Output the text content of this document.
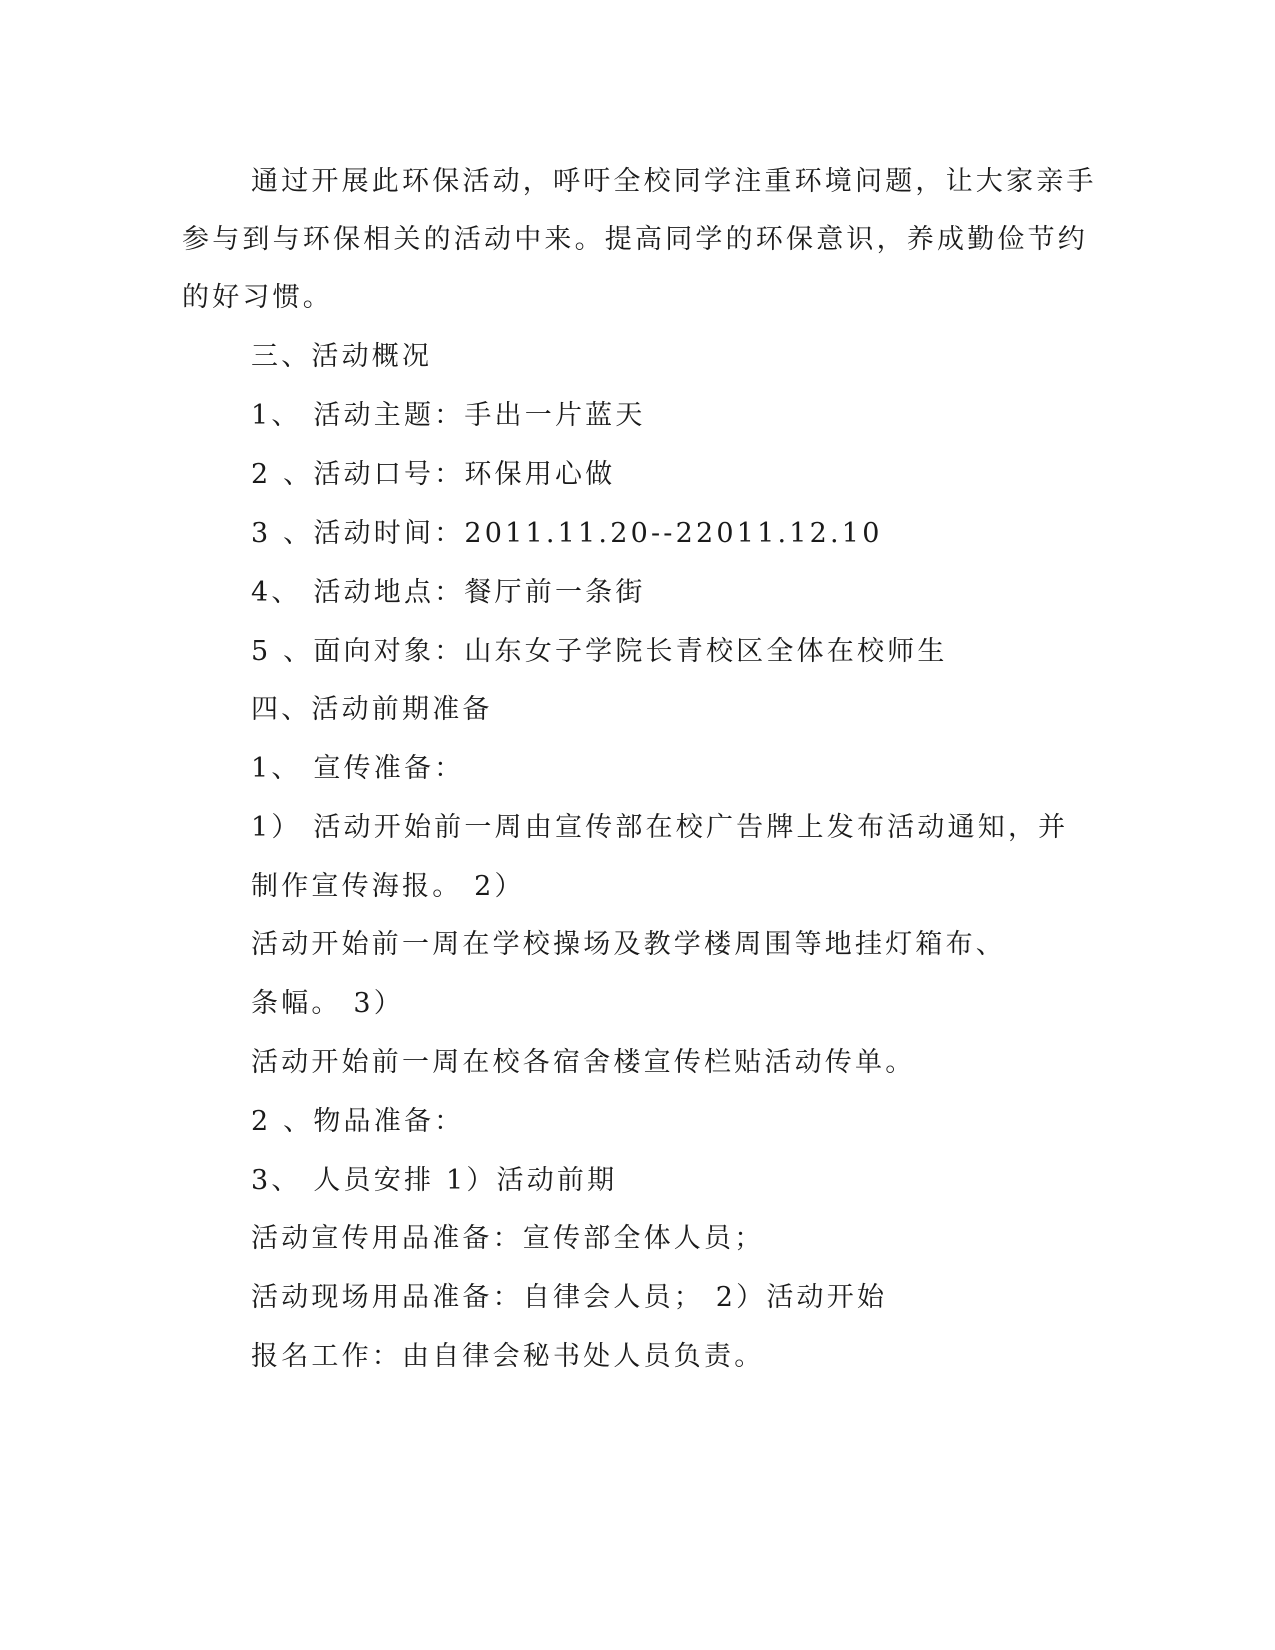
通过开展此环保活动，呼吁全校同学注重环境问题，让大家亲手
参与到与环保相关的活动中来。提高同学的环保意识，养成勤俭节约
的好习惯。
三、活动概况
1、 活动主题：手出一片蓝天
2 、活动口号：环保用心做
3 、活动时间：2011.11.20--22011.12.10
4、 活动地点：餐厅前一条街
5 、面向对象：山东女子学院长青校区全体在校师生
四、活动前期准备
1、 宣传准备：
1） 活动开始前一周由宣传部在校广告牌上发布活动通知，并
制作宣传海报。 2）
活动开始前一周在学校操场及教学楼周围等地挂灯箱布、
条幅。 3）
活动开始前一周在校各宿舍楼宣传栏贴活动传单。
2 、物品准备：
3、 人员安排 1）活动前期
活动宣传用品准备：宣传部全体人员；
活动现场用品准备：自律会人员； 2）活动开始
报名工作：由自律会秘书处人员负责。
